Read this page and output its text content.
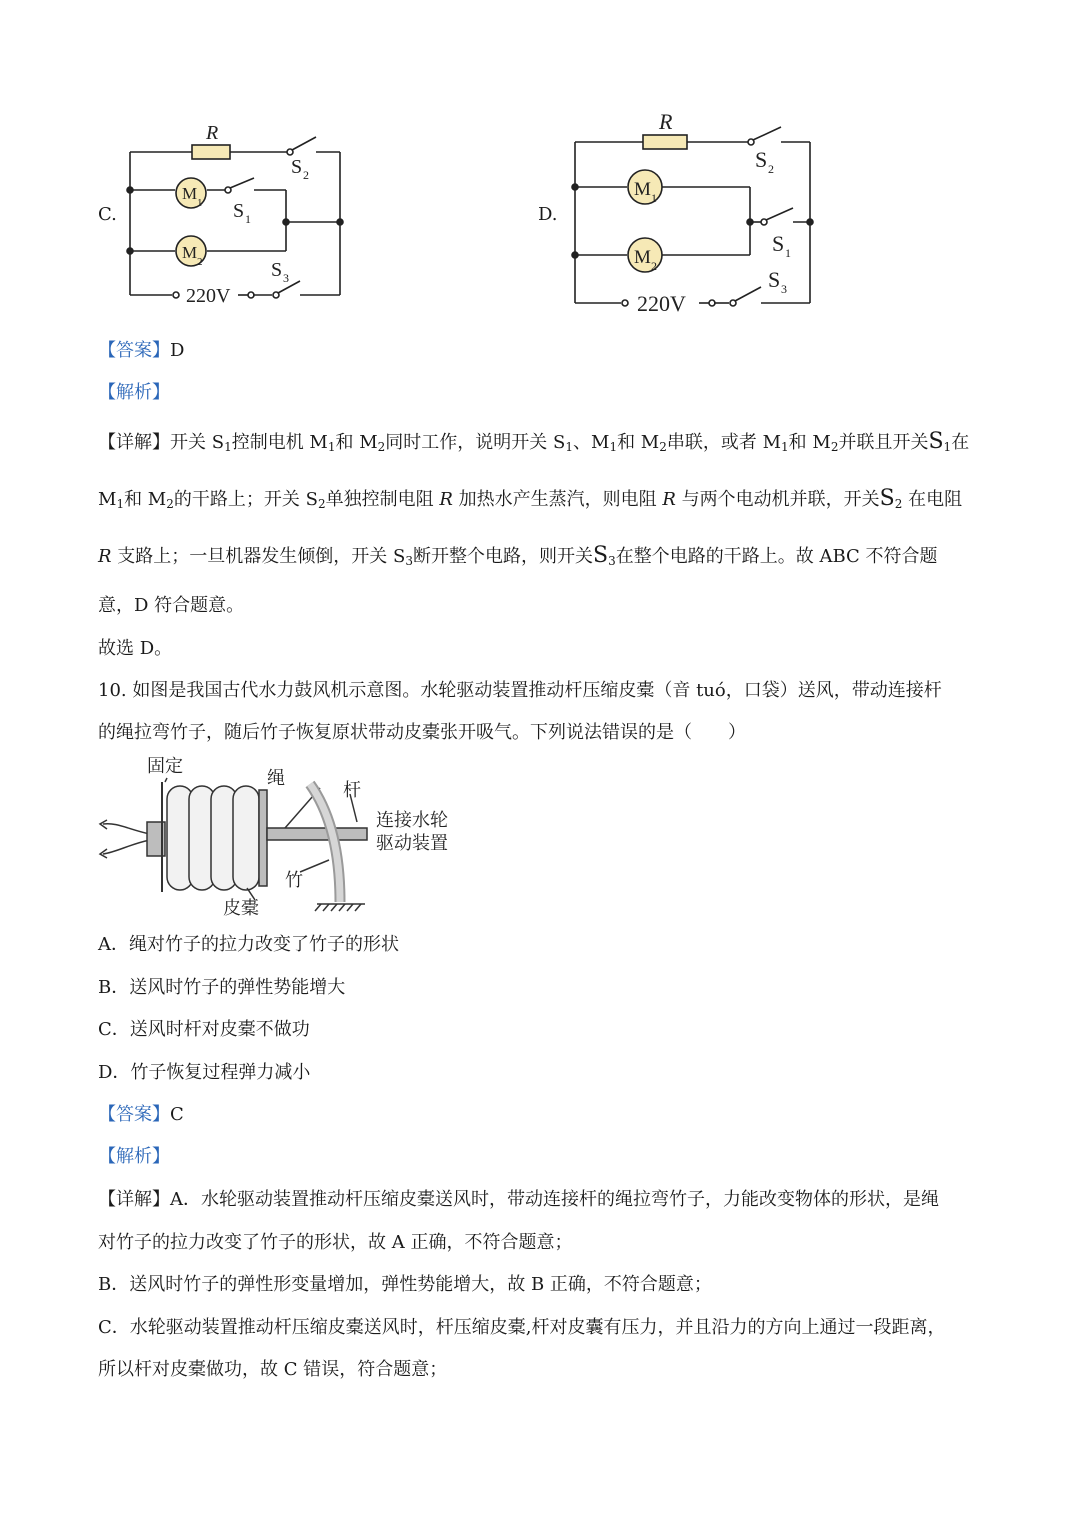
C.
R
M 1
M 2
S 2
S 1
S 3
220V
D.
R
M 1
M 2
S 2
S 1
S 3
220V
【答案】D
【解析】
【详解】开关 $S_1$控制电机 $M_1$和 $M_2$同时工作，说明开关 $S_1$、$M_1$和 $M_2$串联，或者 $M_1$和 $M_2$并联且开关$S_1$在
$M_1$和 $M_2$的干路上；开关 $S_2$单独控制电阻 R 加热水产生蒸汽，则电阻 R 与两个电动机并联，开关$S_2$ 在电阻
R 支路上；一旦机器发生倾倒，开关 $S_3$断开整个电路，则开关$S_3$在整个电路的干路上。故 ABC 不符合题
意，D 符合题意。
故选 D。
10. 如图是我国古代水力鼓风机示意图。水轮驱动装置推动杆压缩皮橐（音 tuó，口袋）送风，带动连接杆
的绳拉弯竹子，随后竹子恢复原状带动皮橐张开吸气。下列说法错误的是（　　）
固定
绳
杆
连接水轮
驱动装置
竹
皮橐
A．绳对竹子的拉力改变了竹子的形状
B．送风时竹子的弹性势能增大
C．送风时杆对皮橐不做功
D．竹子恢复过程弹力减小
【答案】C
【解析】
【详解】A．水轮驱动装置推动杆压缩皮橐送风时，带动连接杆的绳拉弯竹子，力能改变物体的形状，是绳
对竹子的拉力改变了竹子的形状，故 A 正确，不符合题意；
B．送风时竹子的弹性形变量增加，弹性势能增大，故 B 正确，不符合题意；
C．水轮驱动装置推动杆压缩皮橐送风时，杆压缩皮橐,杆对皮囊有压力，并且沿力的方向上通过一段距离，
所以杆对皮橐做功，故 C 错误，符合题意；
